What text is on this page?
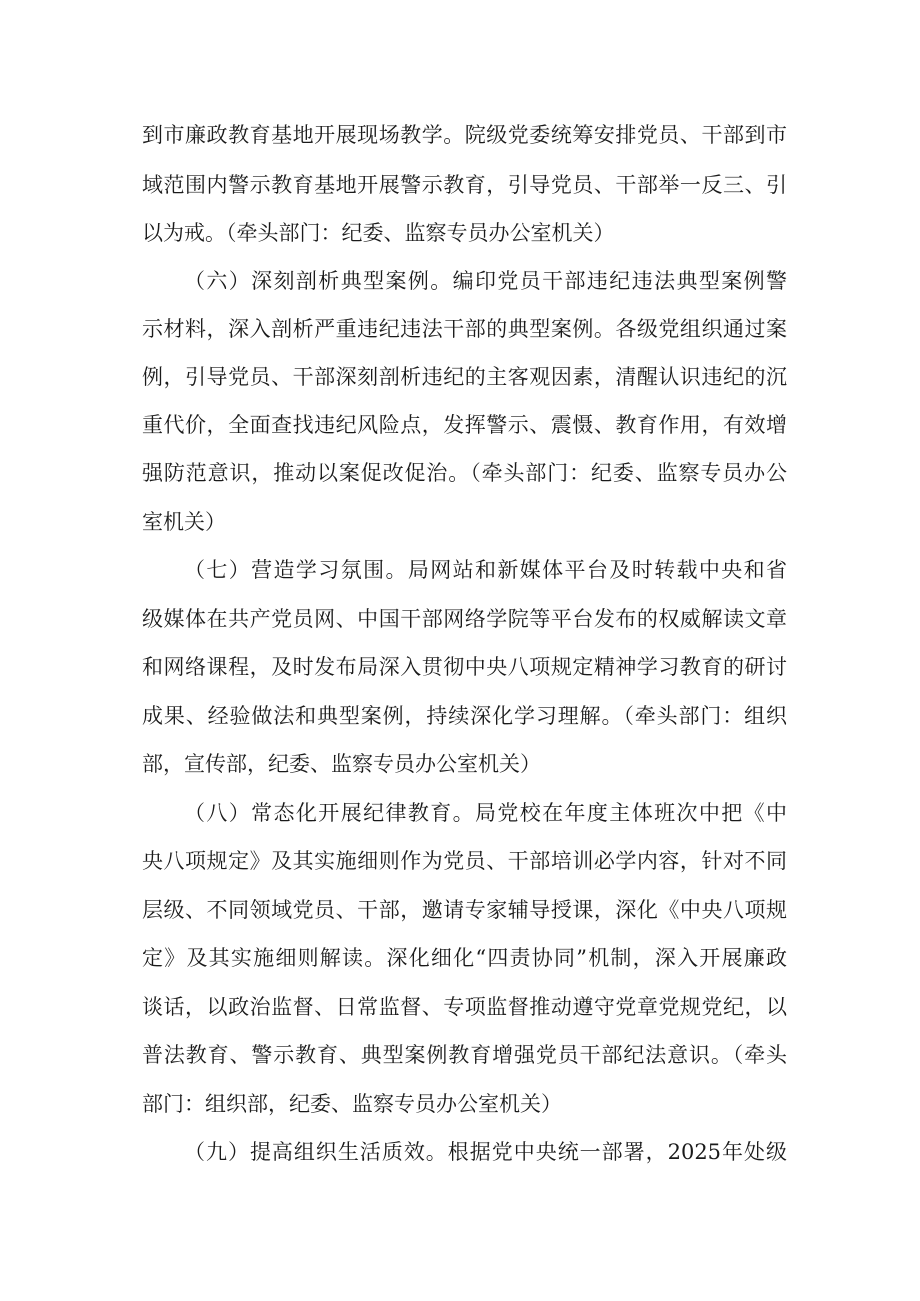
到市廉政教育基地开展现场教学。院级党委统筹安排党员、干部到市
域范围内警示教育基地开展警示教育，引导党员、干部举一反三、引
以为戒。（牵头部门：纪委、监察专员办公室机关）
（六）深刻剖析典型案例。编印党员干部违纪违法典型案例警
示材料，深入剖析严重违纪违法干部的典型案例。各级党组织通过案
例，引导党员、干部深刻剖析违纪的主客观因素，清醒认识违纪的沉
重代价，全面查找违纪风险点，发挥警示、震慑、教育作用，有效增
强防范意识，推动以案促改促治。（牵头部门：纪委、监察专员办公
室机关）
（七）营造学习氛围。局网站和新媒体平台及时转载中央和省
级媒体在共产党员网、中国干部网络学院等平台发布的权威解读文章
和网络课程，及时发布局深入贯彻中央八项规定精神学习教育的研讨
成果、经验做法和典型案例，持续深化学习理解。（牵头部门：组织
部，宣传部，纪委、监察专员办公室机关）
（八）常态化开展纪律教育。局党校在年度主体班次中把《中
央八项规定》及其实施细则作为党员、干部培训必学内容，针对不同
层级、不同领域党员、干部，邀请专家辅导授课，深化《中央八项规
定》及其实施细则解读。深化细化“四责协同”机制，深入开展廉政
谈话，以政治监督、日常监督、专项监督推动遵守党章党规党纪，以
普法教育、警示教育、典型案例教育增强党员干部纪法意识。（牵头
部门：组织部，纪委、监察专员办公室机关）
（九）提高组织生活质效。根据党中央统一部署，2025年处级
